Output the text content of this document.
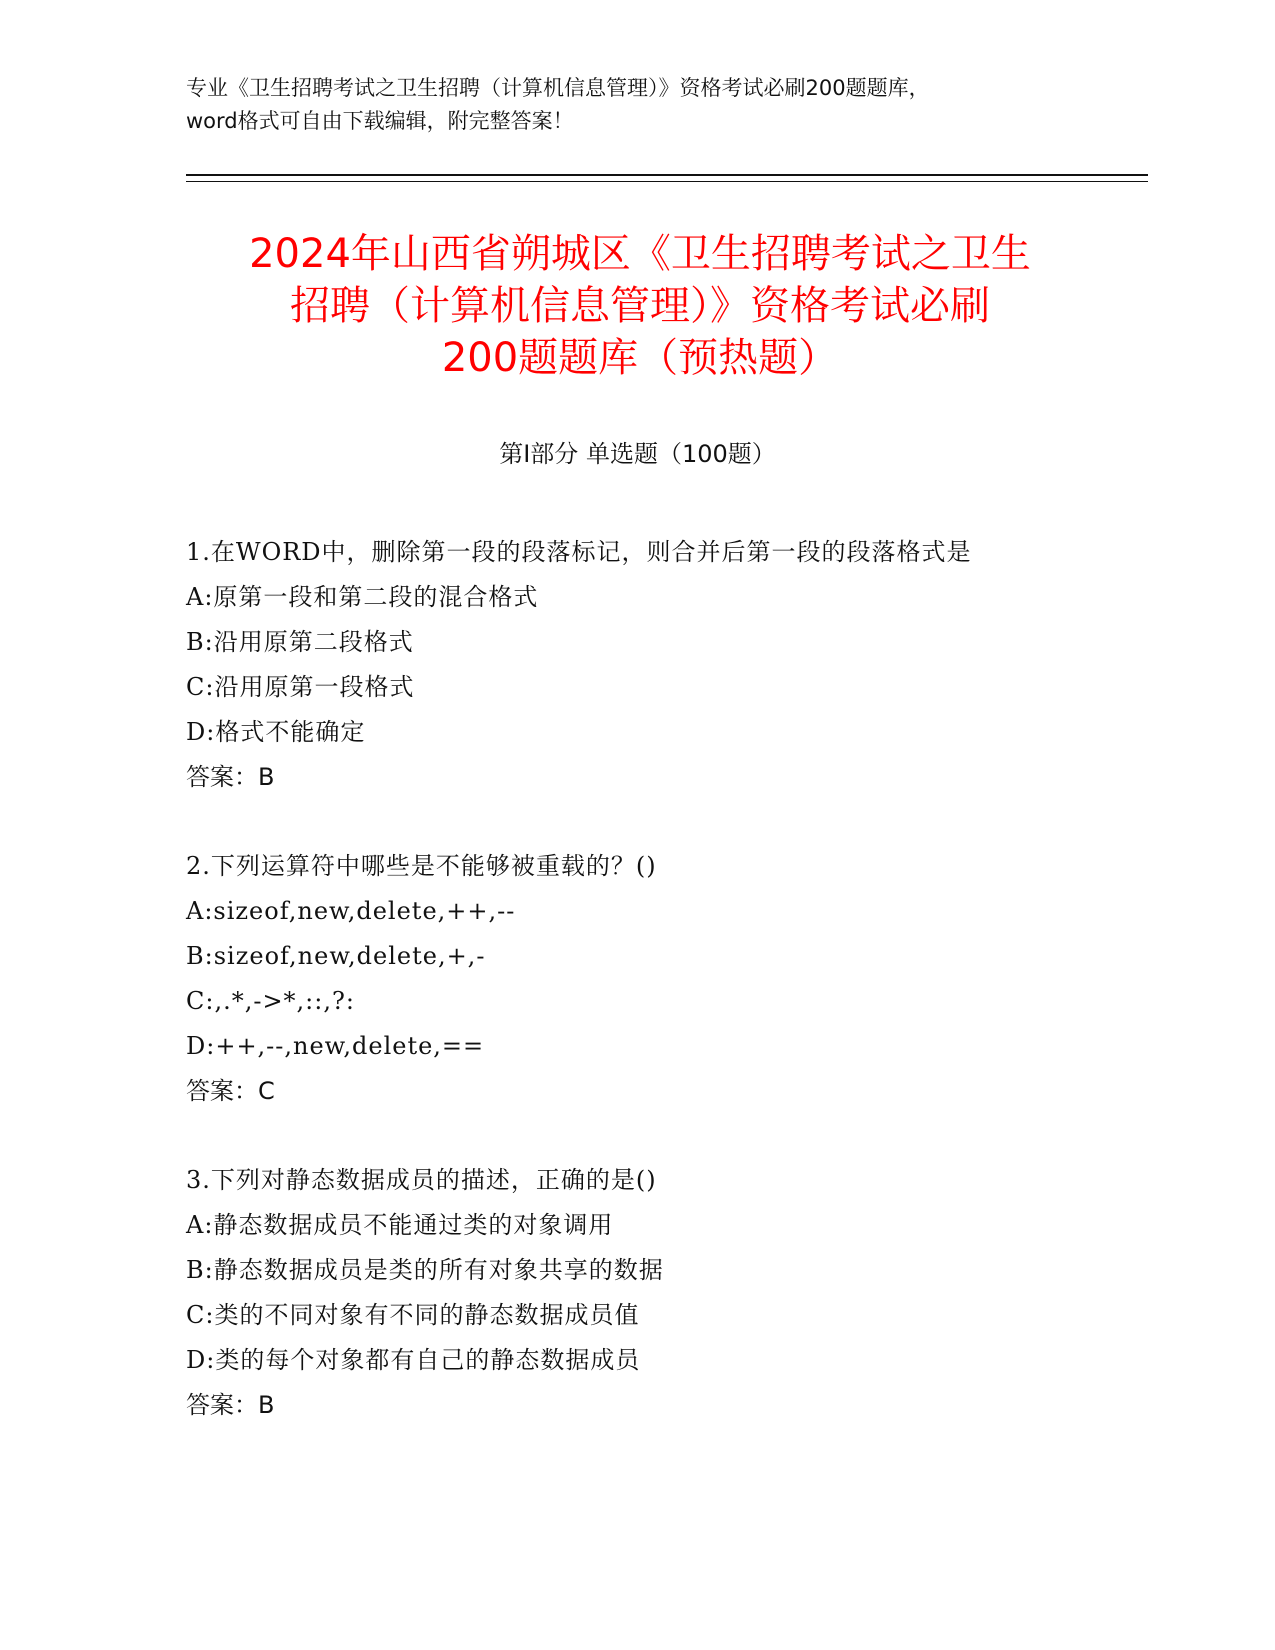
专业《卫生招聘考试之卫生招聘（计算机信息管理）》资格考试必刷200题题库，
word格式可自由下载编辑，附完整答案！
2024年山西省朔城区《卫生招聘考试之卫生
招聘（计算机信息管理）》资格考试必刷
200题题库（预热题）
第Ⅰ部分 单选题（100题）
1.在WORD中，删除第一段的段落标记，则合并后第一段的段落格式是
A:原第一段和第二段的混合格式
B:沿用原第二段格式
C:沿用原第一段格式
D:格式不能确定
答案：B
2.下列运算符中哪些是不能够被重载的？()
A:sizeof,new,delete,++,--
B:sizeof,new,delete,+,-
C:,.*,->*,::,?:
D:++,--,new,delete,==
答案：C
3.下列对静态数据成员的描述，正确的是()
A:静态数据成员不能通过类的对象调用
B:静态数据成员是类的所有对象共享的数据
C:类的不同对象有不同的静态数据成员值
D:类的每个对象都有自己的静态数据成员
答案：B
